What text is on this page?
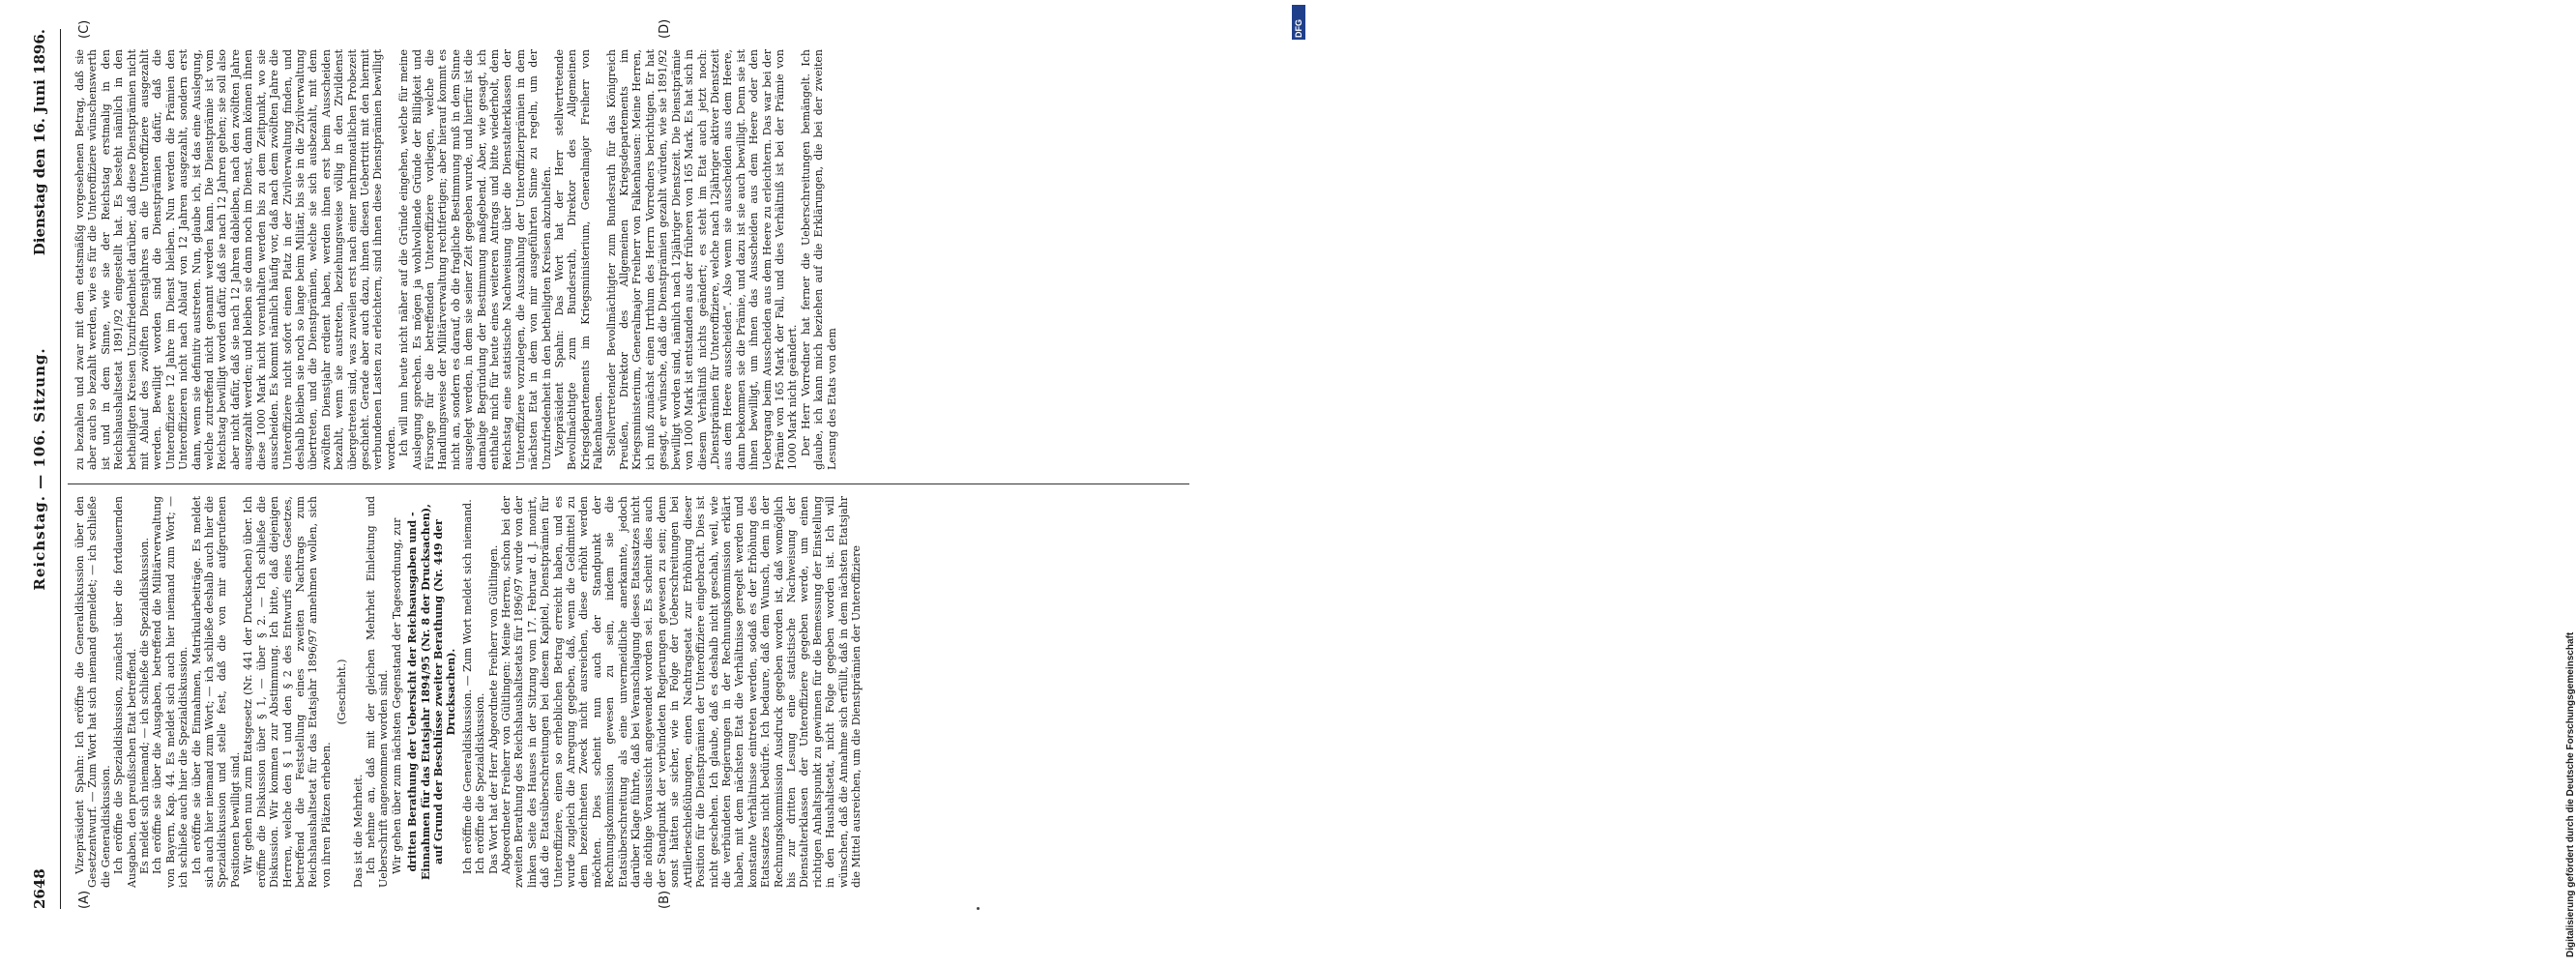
2648
Reichstag. — 106. Sitzung.
Dienstag den 16. Juni 1896.
(A)	(B)
(C)	(D)

Vizepräsident Spahn: Ich eröffne die Generaldiskussion über den Gesetzentwurf. — Zum Wort hat sich niemand gemeldet; — ich schließe die Generaldiskussion. Ich eröffne die Spezialdiskussion, zunächst über die fortdauernden Ausgaben, den preußischen Etat betreffend. Es meldet sich niemand; — ich schließe die Spezialdiskussion. Ich eröffne sie über die Ausgaben, betreffend die Militärverwaltung von Bayern, Kap. 44. Es meldet sich auch hier niemand zum Wort; — ich schließe auch hier die Spezialdiskussion. Ich eröffne sie über die Einnahmen, Matrikularbeiträge. Es meldet sich auch hier niemand zum Wort; — ich schließe deshalb auch hier die Spezialdiskussion und stelle fest, daß die von mir aufgerufenen Positionen bewilligt sind. Wir gehen nun zum Etatsgesetz (Nr. 441 der Drucksachen) über. Ich eröffne die Diskussion über § 1, — über § 2. — Ich schließe die Diskussion. Wir kommen zur Abstimmung. Ich bitte, daß diejenigen Herren, welche den § 1 und den § 2 des Entwurfs eines Gesetzes, betreffend die Feststellung eines zweiten Nachtrags zum Reichshaushaltsetat für das Etatsjahr 1896/97 annehmen wollen, sich von ihren Plätzen erheben.

(Geschieht.)

Das ist die Mehrheit. Ich nehme an, daß mit der gleichen Mehrheit Einleitung und Ueberschrift angenommen worden sind. Wir gehen über zum nächsten Gegenstand der Tagesordnung, zur dritten Berathung der Uebersicht der Reichsausgaben und -Einnahmen für das Etatsjahr 1894/95 (Nr. 8 der Drucksachen), auf Grund der Beschlüsse zweiter Berathung (Nr. 449 der Drucksachen). Ich eröffne die Generaldiskussion. — Zum Wort meldet sich niemand. Ich eröffne die Spezialdiskussion. Das Wort hat der Herr Abgeordnete Freiherr von Gültlingen. Abgeordneter Freiherr von Gültlingen: Meine Herren, schon bei der zweiten Berathung des Reichshaushaltsetats für 1896/97 wurde von der linken Seite des Hauses in der Sitzung vom 17. Februar d. J. monirt, daß die Etatsüberschreitungen bei diesem Kapitel, Dienstprämien für Unteroffiziere, einen so erheblichen Betrag erreicht haben, und es wurde zugleich die Anregung gegeben, daß, wenn die Geldmittel zu dem bezeichneten Zweck nicht ausreichen, diese erhöht werden möchten. Dies scheint nun auch der Standpunkt der Rechnungskommission gewesen zu sein, indem sie die Etatsüberschreitung als eine unvermeidliche anerkannte, jedoch darüber Klage führte, daß bei Veranschlagung dieses Etatssatzes nicht die nöthige Voraussicht angewendet worden sei. Es scheint dies auch der Standpunkt der verbündeten Regierungen gewesen zu sein; denn sonst hätten sie sicher, wie in Folge der Ueberschreitungen bei Artillerieschießübungen, einen Nachtragsetat zur Erhöhung dieser Position für die Dienstprämien der Unteroffiziere eingebracht. Dies ist nicht geschehen. Ich glaube, daß es deshalb nicht geschah, weil, wie die verbündeten Regierungen in der Rechnungskommission erklärt haben, mit dem nächsten Etat die Verhältnisse geregelt werden und konstante Verhältnisse eintreten werden, sodaß es der Erhöhung des Etatssatzes nicht bedürfe. Ich bedaure, daß dem Wunsch, dem in der Rechnungskommission Ausdruck gegeben worden ist, daß womöglich bis zur dritten Lesung eine statistische Nachweisung der Dienstalterklassen der Unteroffiziere gegeben werde, um einen richtigen Anhaltspunkt zu gewinnen für die Bemessung der Einstellung in den Haushaltsetat, nicht Folge gegeben worden ist. Ich will wünschen, daß die Annahme sich erfüllt, daß in dem nächsten Etatsjahr die Mittel ausreichen, um die Dienstprämien der Unteroffiziere

zu bezahlen und zwar mit dem etatsmäßig vorgesehenen Betrag, daß sie aber auch so bezahlt werden, wie es für die Unteroffiziere wünschenswerth ist und in dem Sinne, wie sie der Reichstag erstmalig in den Reichshaushaltsetat 1891/92 eingestellt hat. Es besteht nämlich in den betheiligten Kreisen Unzufriedenheit darüber, daß diese Dienstprämien nicht mit Ablauf des zwölften Dienstjahres an die Unteroffiziere ausgezahlt werden. Bewilligt worden sind die Dienstprämien dafür, daß die Unteroffiziere 12 Jahre im Dienst bleiben. Nun werden die Prämien den Unteroffizieren nicht nach Ablauf von 12 Jahren ausgezahlt, sondern erst dann, wenn sie definitiv austreten. Nun, glaube ich, ist das eine Auslegung, welche zutreffend nicht genannt werden kann. Die Dienstprämie ist vom Reichstag bewilligt worden dafür, daß sie nach 12 Jahren gehen; sie soll also aber nicht dafür, daß sie nach 12 Jahren dableiben, nach den zwölften Jahre ausgezahlt werden; und bleiben sie dann noch im Dienst, dann können ihnen diese 1000 Mark nicht vorenthalten werden bis zu dem Zeitpunkt, wo sie ausscheiden. Es kommt nämlich häufig vor, daß nach dem zwölften Jahre die Unteroffiziere nicht sofort einen Platz in der Zivilverwaltung finden, und deshalb bleiben sie noch so lange beim Militär, bis sie in die Zivilverwaltung übertreten, und die Dienstprämien, welche sie sich ausbezahlt, mit dem zwölften Dienstjahr erdient haben, werden ihnen erst beim Ausscheiden bezahlt, wenn sie austreten, beziehungsweise völlig in den Zivildienst übergetreten sind, was zuweilen erst nach einer mehrmonatlichen Probezeit geschieht. Gerade aber auch dazu, ihnen diesen Uebertritt mit den hiermit verbundenen Lasten zu erleichtern, sind ihnen diese Dienstprämien bewilligt worden. Ich will nun heute nicht näher auf die Gründe eingehen, welche für meine Auslegung sprechen. Es mögen ja wohlwollende Gründe der Billigkeit und Fürsorge für die betreffenden Unteroffiziere vorliegen, welche die Handlungsweise der Militärverwaltung rechtfertigen; aber hierauf kommt es nicht an, sondern es darauf, ob die fragliche Bestimmung muß in dem Sinne ausgelegt werden, in dem sie seiner Zeit gegeben wurde, und hierfür ist die damalige Begründung der Bestimmung maßgebend. Aber, wie gesagt, ich enthalte mich für heute eines weiteren Antrags und bitte wiederholt, dem Reichstag eine statistische Nachweisung über die Dienstalterklassen der Unteroffiziere vorzulegen, die Auszahlung der Unteroffizierprämien in dem nächsten Etat in dem von mir ausgeführten Sinne zu regeln, um der Unzufriedenheit in den betheiligten Kreisen abzuhelfen. Vizepräsident Spahn: Das Wort hat der Herr stellvertretende Bevollmächtigte zum Bundesrath, Direktor des Allgemeinen Kriegsdepartements im Kriegsministerium, Generalmajor Freiherr von Falkenhausen. Stellvertretender Bevollmächtigter zum Bundesrath für das Königreich Preußen, Direktor des Allgemeinen Kriegsdepartements im Kriegsministerium, Generalmajor Freiherr von Falkenhausen: Meine Herren, ich muß zunächst einen Irrthum des Herrn Vorredners berichtigen. Er hat gesagt, er wünsche, daß die Dienstprämien gezahlt würden, wie sie 1891/92 bewilligt worden sind, nämlich nach 12jähriger Dienstzeit. Die Dienstprämie von 1000 Mark ist entstanden aus der früheren von 165 Mark. Es hat sich in diesem Verhältniß nichts geändert; es steht im Etat auch jetzt noch: „Dienstprämien für Unteroffiziere, welche nach 12jähriger aktiver Dienstzeit aus dem Heere ausscheiden“. Also wenn sie ausscheiden aus dem Heere, dann bekommen sie die Prämie, und dazu ist sie auch bewilligt. Denn sie ist ihnen bewilligt, um ihnen das Ausscheiden aus dem Heere oder den Uebergang beim Ausscheiden aus dem Heere zu erleichtern. Das war bei der Prämie von 165 Mark der Fall, und dies Verhältniß ist bei der Prämie von 1000 Mark nicht geändert. Der Herr Vorredner hat ferner die Ueberschreitungen bemängelt. Ich glaube, ich kann mich beziehen auf die Erklärungen, die bei der zweiten Lesung des Etats von dem

DFG
Digitalisierung gefördert durch die Deutsche Forschungsgemeinschaft
